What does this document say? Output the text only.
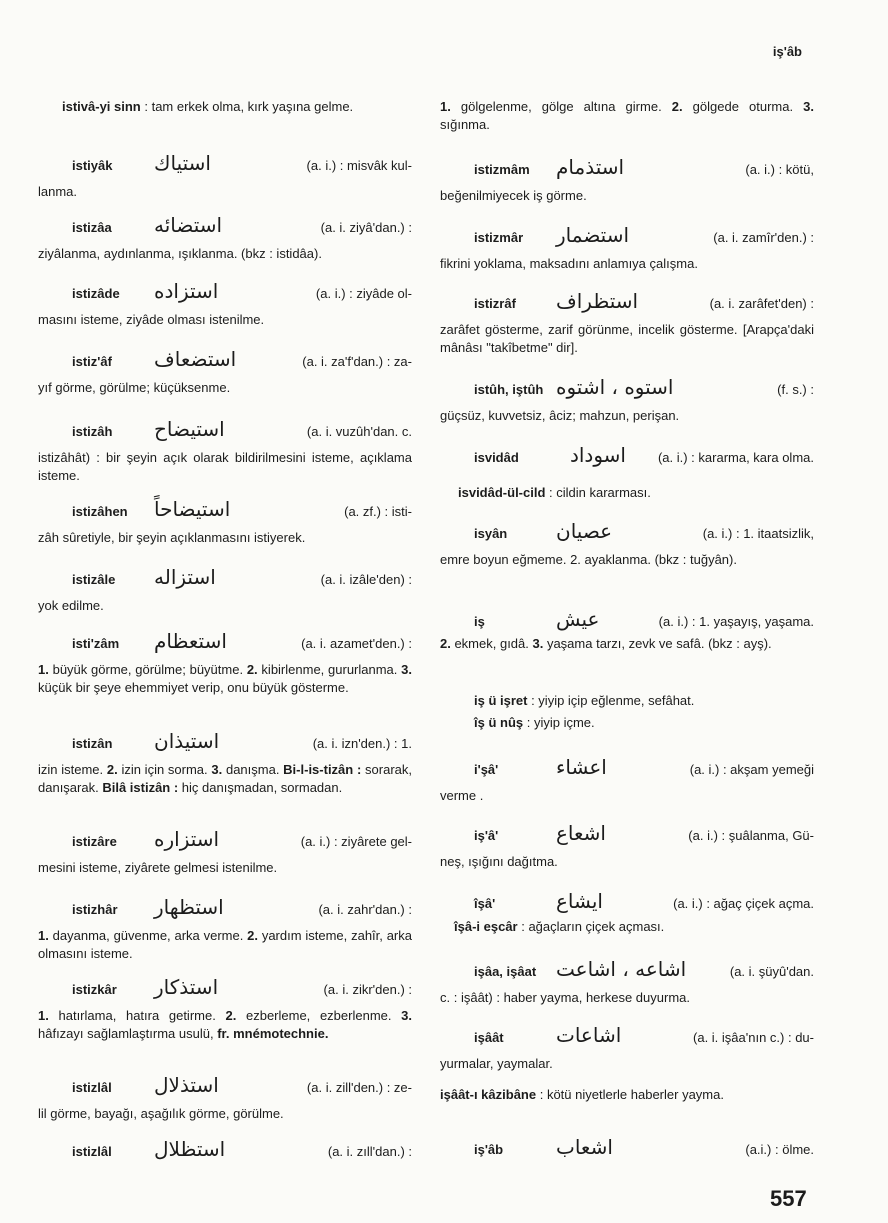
iş'âb
istivâ-yi sinn : tam erkek olma, kırk yaşına gelme.
istiyâk	استياك	(a. i.) : misvâk kul-
lanma.
istizâa	استضائه	(a. i. ziyâ'dan.) :
ziyâlanma, aydınlanma, ışıklanma. (bkz : istidâa).
istizâde	استزاده	(a. i.) : ziyâde ol-
masını isteme, ziyâde olması istenilme.
istiz'âf	استضعاف	(a. i. za'f'dan.) : za-
yıf görme, görülme; küçüksenme.
istizâh	استيضاح	(a. i. vuzûh'dan. c.
istizâhât) : bir şeyin açık olarak bildirilmesini isteme, açıklama isteme.
istizâhen	استيضاحاً	(a. zf.) : isti-
zâh sûretiyle, bir şeyin açıklanmasını istiyerek.
istizâle	استزاله	(a. i. izâle'den) :
yok edilme.
isti'zâm	استعظام	(a. i. azamet'den.) :
1. büyük görme, görülme; büyütme. 2. kibirlenme, gururlanma. 3. küçük bir şeye ehemmiyet verip, onu büyük gösterme.
istizân	استيذان	(a. i. izn'den.) : 1.
izin isteme. 2. izin için sorma. 3. danışma. Bi-l-is-tizân : sorarak, danışarak. Bilâ istizân : hiç danışmadan, sormadan.
istizâre	استزاره	(a. i.) : ziyârete gel-
mesini isteme, ziyârete gelmesi istenilme.
istizhâr	استظهار	(a. i. zahr'dan.) :
1. dayanma, güvenme, arka verme. 2. yardım isteme, zahîr, arka olmasını isteme.
istizkâr	استذكار	(a. i. zikr'den.) :
1. hatırlama, hatıra getirme. 2. ezberleme, ezberlenme. 3. hâfızayı sağlamlaştırma usulü, fr. mnémotechnie.
istizlâl	استذلال	(a. i. zill'den.) : ze-
lil görme, bayağı, aşağılık görme, görülme.
istizlâl	استظلال	(a. i. zıll'dan.) :
1. gölgelenme, gölge altına girme. 2. gölgede oturma. 3. sığınma.
istizmâm	استذمام	(a. i.) : kötü,
beğenilmiyecek iş görme.
istizmâr	استضمار	(a. i. zamîr'den.) :
fikrini yoklama, maksadını anlamıya çalışma.
istizrâf	استظراف	(a. i. zarâfet'den) :
zarâfet gösterme, zarif görünme, incelik gösterme. [Arapça'daki mânâsı "takîbetme" dir].
istûh, iştûh استوه ، اشتوه	(f. s.) :
güçsüz, kuvvetsiz, âciz; mahzun, perişan.
isvidâd	اسوداد	(a. i.) : kararma, kara olma.
isvidâd-ül-cild : cildin kararması.
isyân	عصيان	(a. i.) : 1. itaatsizlik,
emre boyun eğmeme. 2. ayaklanma. (bkz : tuğyân).
iş	عيش	(a. i.) : 1. yaşayış, yaşama.
2. ekmek, gıdâ. 3. yaşama tarzı, zevk ve safâ. (bkz : ayş).
iş ü işret : yiyip içip eğlenme, sefâhat.
îş ü nûş : yiyip içme.
i'şâ'	اعشاء	(a. i.) : akşam yemeği
verme .
iş'â'	اشعاع	(a. i.) : şuâlanma, Gü-
neş, ışığını dağıtma.
îşâ'	ايشاع	(a. i.) : ağaç çiçek açma.
îşâ-i eşcâr : ağaçların çiçek açması.
işâa, işâat اشاعه ، اشاعت	(a. i. şüyû'dan.
c. : işâât) : haber yayma, herkese duyurma.
işâât	اشاعات	(a. i. işâa'nın c.) : du-
yurmalar, yaymalar.
işâât-ı kâzibâne : kötü niyetlerle haberler yayma.
iş'âb	اشعاب	(a.i.) : ölme.
557
